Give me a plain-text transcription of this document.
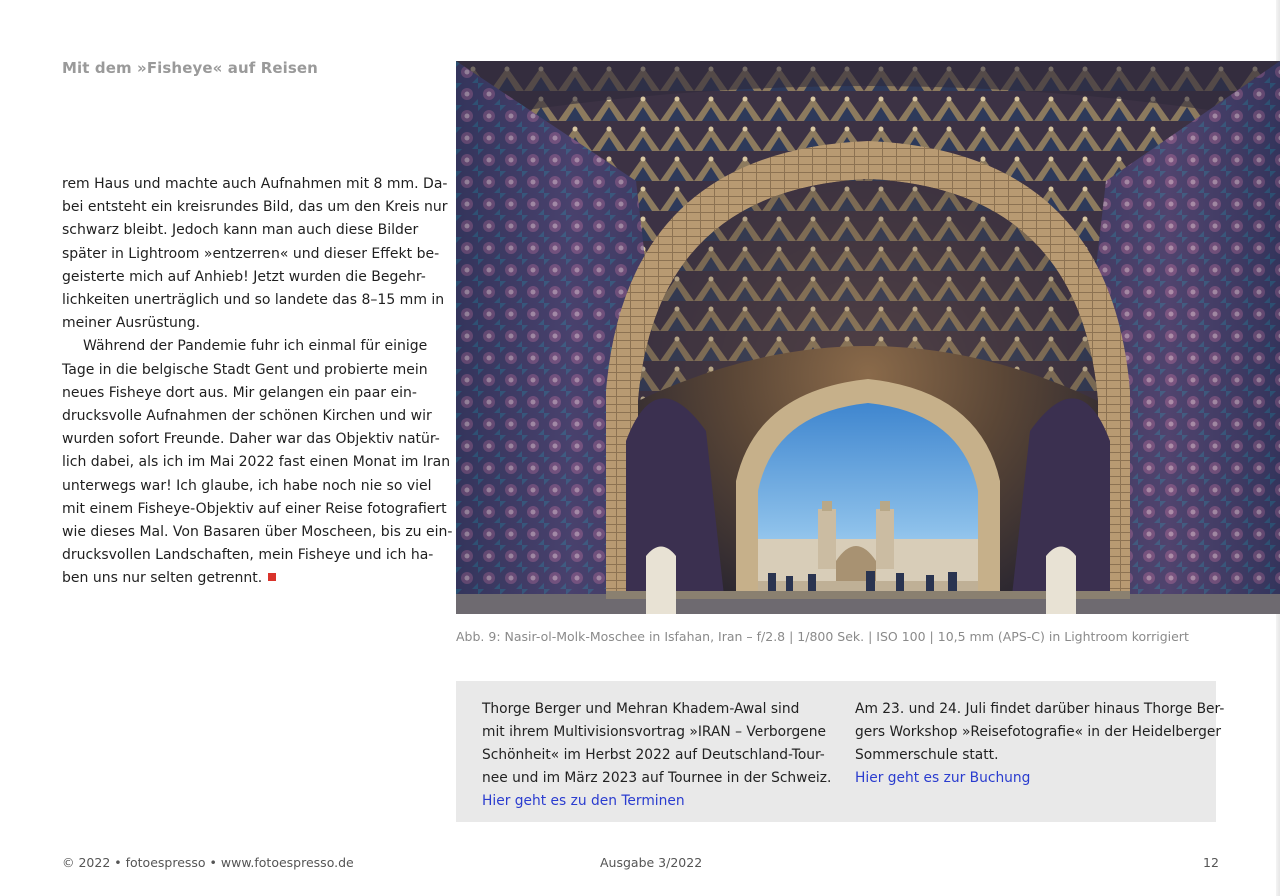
Mit dem »Fisheye« auf Reisen
rem Haus und machte auch Aufnahmen mit 8 mm. Da-
bei entsteht ein kreisrundes Bild, das um den Kreis nur
schwarz bleibt. Jedoch kann man auch diese Bilder
später in Lightroom »entzerren« und dieser Effekt be-
geisterte mich auf Anhieb! Jetzt wurden die Begehr-
lichkeiten unerträglich und so landete das 8–15 mm in
meiner Ausrüstung.
Während der Pandemie fuhr ich einmal für einige
Tage in die belgische Stadt Gent und probierte mein
neues Fisheye dort aus. Mir gelangen ein paar ein-
drucksvolle Aufnahmen der schönen Kirchen und wir
wurden sofort Freunde. Daher war das Objektiv natür-
lich dabei, als ich im Mai 2022 fast einen Monat im Iran
unterwegs war! Ich glaube, ich habe noch nie so viel
mit einem Fisheye-Objektiv auf einer Reise fotografiert
wie dieses Mal. Von Basaren über Moscheen, bis zu ein-
drucksvollen Landschaften, mein Fisheye und ich ha-
ben uns nur selten getrennt.
Abb. 9: Nasir-ol-Molk-Moschee in Isfahan, Iran – f/2.8 | 1/800 Sek. | ISO 100 | 10,5 mm (APS-C) in Lightroom korrigiert
Thorge Berger und Mehran Khadem-Awal sind
mit ihrem Multivisionsvortrag »IRAN – Verborgene
Schönheit« im Herbst 2022 auf Deutschland-Tour-
nee und im März 2023 auf Tournee in der Schweiz.
Hier geht es zu den Terminen
Am 23. und 24. Juli findet darüber hinaus Thorge Ber-
gers Workshop »Reisefotografie« in der Heidelberger
Sommerschule statt.
Hier geht es zur Buchung
© 2022 • fotoespresso • www.fotoespresso.de	Ausgabe 3/2022	12
